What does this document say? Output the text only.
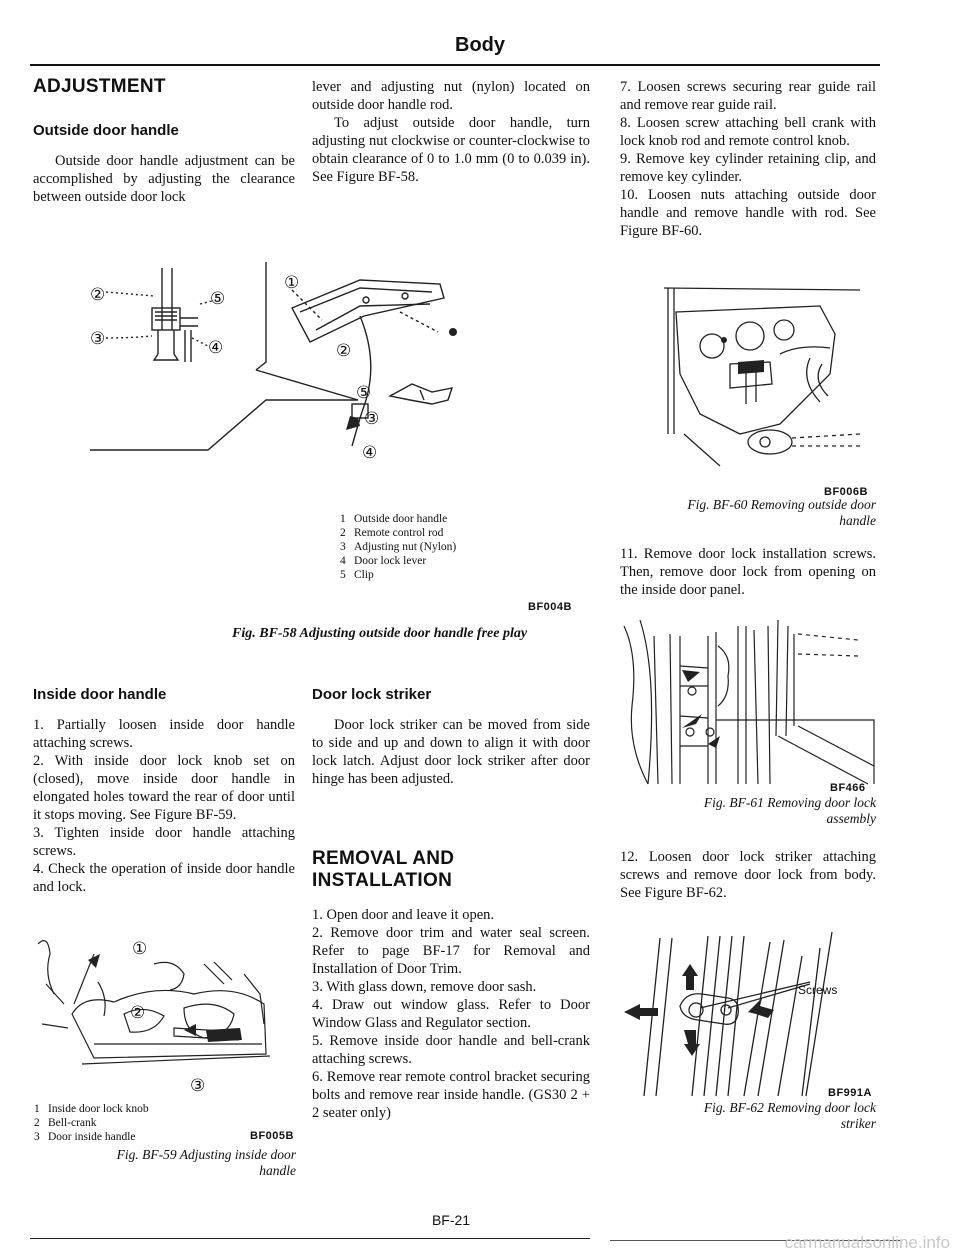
Body
ADJUSTMENT
Outside door handle

Outside door handle adjustment can be accomplished by adjusting the clearance between outside door lock

lever and adjusting nut (nylon) located on outside door handle rod.

To adjust outside door handle, turn adjusting nut clockwise or counter-clockwise to obtain clearance of 0 to 1.0 mm (0 to 0.039 in). See Figure BF-58.

7. Loosen screws securing rear guide rail and remove rear guide rail.

8. Loosen screw attaching bell crank with lock knob rod and remote control knob.

9. Remove key cylinder retaining clip, and remove key cylinder.

10. Loosen nuts attaching outside door handle and remove handle with rod. See Figure BF-60.

②	⑤
③	④
①
②
⑤
③
④
1 Outside door handle
2 Remote control rod
3 Adjusting nut (Nylon)
4 Door lock lever
5 Clip
BF004B
Fig. BF-58 Adjusting outside door handle free play
BF006B
Fig. BF-60 Removing outside door
handle

11. Remove door lock installation screws. Then, remove door lock from opening on the inside door panel.

BF466
Fig. BF-61 Removing door lock
assembly

12. Loosen door lock striker attaching screws and remove door lock from body. See Figure BF-62.

Screws
BF991A
Fig. BF-62 Removing door lock
striker
Inside door handle

1. Partially loosen inside door handle attaching screws.

2. With inside door lock knob set on (closed), move inside door handle in elongated holes toward the rear of door until it stops moving. See Figure BF-59.

3. Tighten inside door handle attaching screws.

4. Check the operation of inside door handle and lock.

①
②
③
1 Inside door lock knob
2 Bell-crank
3 Door inside handle	BF005B
Fig. BF-59 Adjusting inside door
handle
Door lock striker

Door lock striker can be moved from side to side and up and down to align it with door lock latch. Adjust door lock striker after door hinge has been adjusted.

REMOVAL AND
INSTALLATION

1. Open door and leave it open.

2. Remove door trim and water seal screen. Refer to page BF-17 for Removal and Installation of Door Trim.

3. With glass down, remove door sash.

4. Draw out window glass. Refer to Door Window Glass and Regulator section.

5. Remove inside door handle and bell-crank attaching screws.

6. Remove rear remote control bracket securing bolts and remove rear inside handle. (GS30 2 + 2 seater only)

BF-21
carmanualsonline.info
